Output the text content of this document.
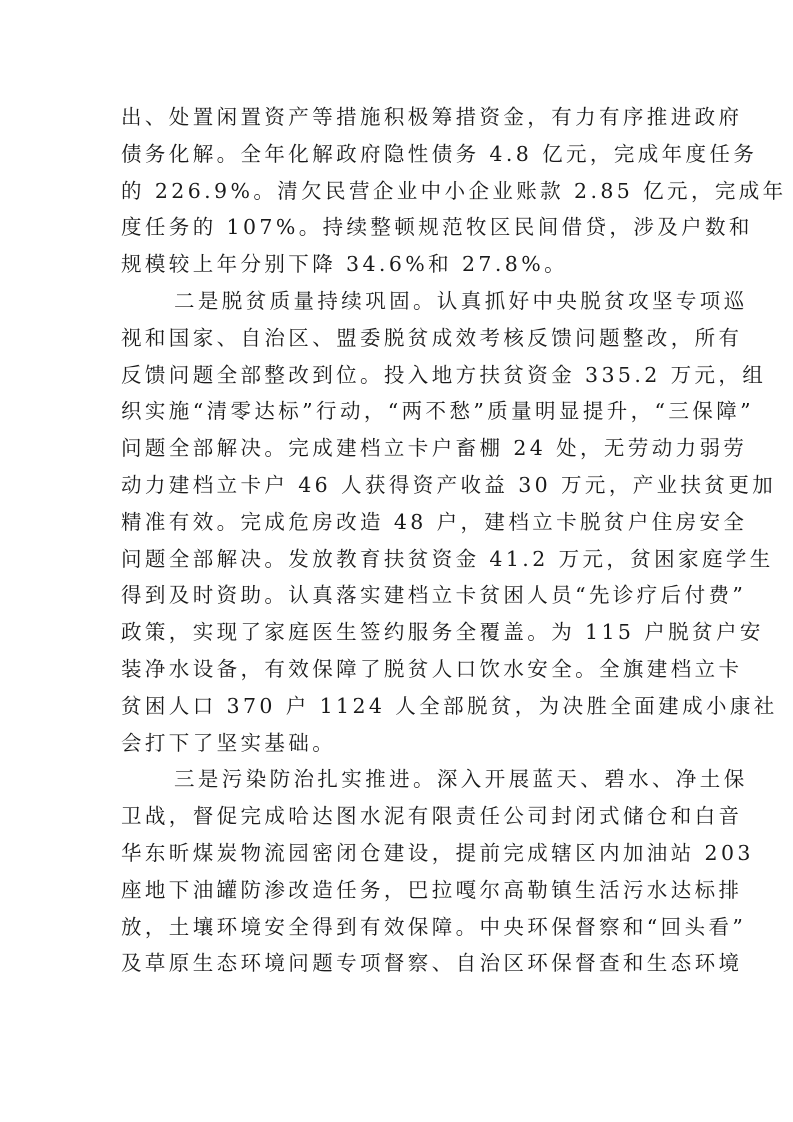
出、处置闲置资产等措施积极筹措资金，有力有序推进政府
债务化解。全年化解政府隐性债务 4.8 亿元，完成年度任务
的 226.9%。清欠民营企业中小企业账款 2.85 亿元，完成年
度任务的 107%。持续整顿规范牧区民间借贷，涉及户数和
规模较上年分别下降 34.6%和 27.8%。

二是脱贫质量持续巩固。认真抓好中央脱贫攻坚专项巡
视和国家、自治区、盟委脱贫成效考核反馈问题整改，所有
反馈问题全部整改到位。投入地方扶贫资金 335.2 万元，组
织实施“清零达标”行动，“两不愁”质量明显提升，“三保障”
问题全部解决。完成建档立卡户畜棚 24 处，无劳动力弱劳
动力建档立卡户 46 人获得资产收益 30 万元，产业扶贫更加
精准有效。完成危房改造 48 户，建档立卡脱贫户住房安全
问题全部解决。发放教育扶贫资金 41.2 万元，贫困家庭学生
得到及时资助。认真落实建档立卡贫困人员“先诊疗后付费”
政策，实现了家庭医生签约服务全覆盖。为 115 户脱贫户安
装净水设备，有效保障了脱贫人口饮水安全。全旗建档立卡
贫困人口 370 户 1124 人全部脱贫，为决胜全面建成小康社
会打下了坚实基础。

三是污染防治扎实推进。深入开展蓝天、碧水、净土保
卫战，督促完成哈达图水泥有限责任公司封闭式储仓和白音
华东昕煤炭物流园密闭仓建设，提前完成辖区内加油站 203
座地下油罐防渗改造任务，巴拉嘎尔高勒镇生活污水达标排
放，土壤环境安全得到有效保障。中央环保督察和“回头看”
及草原生态环境问题专项督察、自治区环保督查和生态环境
